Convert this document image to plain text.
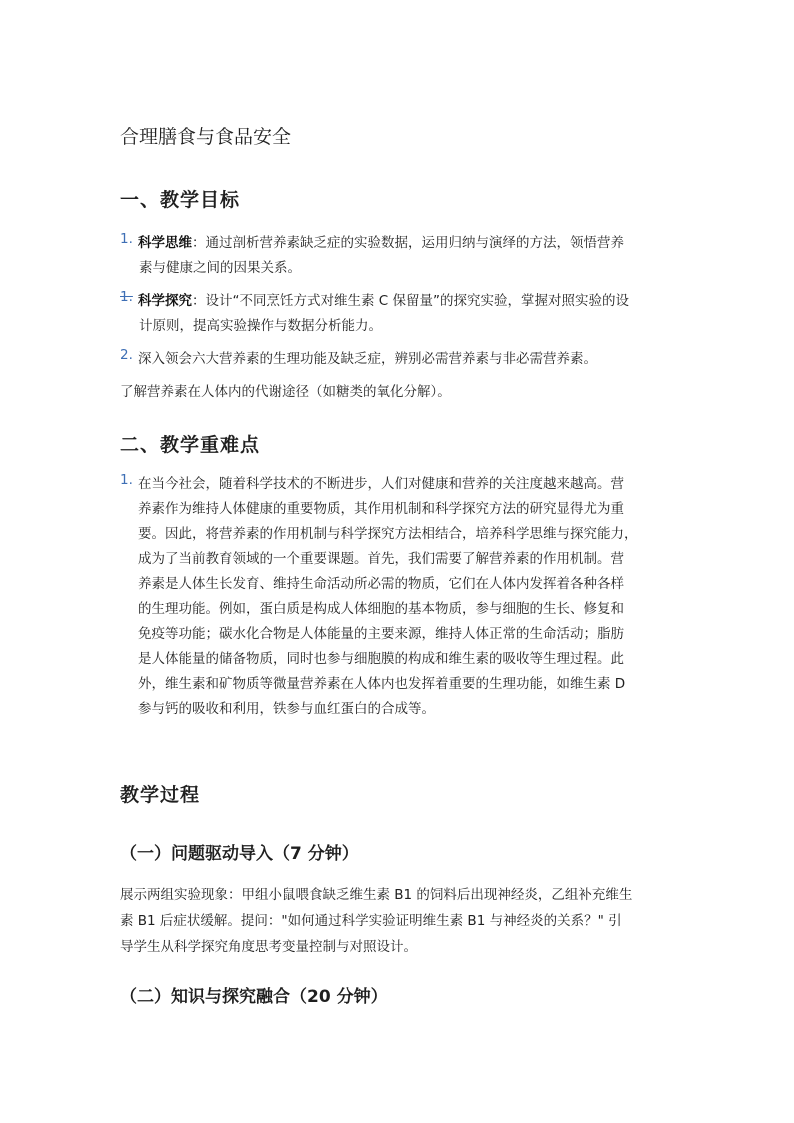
合理膳食与食品安全
一、教学目标
1. 科学思维：通过剖析营养素缺乏症的实验数据，运用归纳与演绎的方法，领悟营养
素与健康之间的因果关系。
1. 科学探究：设计“不同烹饪方式对维生素 C 保留量”的探究实验，掌握对照实验的设
计原则，提高实验操作与数据分析能力。
2. 深入领会六大营养素的生理功能及缺乏症，辨别必需营养素与非必需营养素。
了解营养素在人体内的代谢途径（如糖类的氧化分解）。
二、教学重难点
1. 在当今社会，随着科学技术的不断进步，人们对健康和营养的关注度越来越高。营
养素作为维持人体健康的重要物质，其作用机制和科学探究方法的研究显得尤为重
要。因此，将营养素的作用机制与科学探究方法相结合，培养科学思维与探究能力，
成为了当前教育领域的一个重要课题。首先，我们需要了解营养素的作用机制。营
养素是人体生长发育、维持生命活动所必需的物质，它们在人体内发挥着各种各样
的生理功能。例如，蛋白质是构成人体细胞的基本物质，参与细胞的生长、修复和
免疫等功能；碳水化合物是人体能量的主要来源，维持人体正常的生命活动；脂肪
是人体能量的储备物质，同时也参与细胞膜的构成和维生素的吸收等生理过程。此
外，维生素和矿物质等微量营养素在人体内也发挥着重要的生理功能，如维生素 D
参与钙的吸收和利用，铁参与血红蛋白的合成等。
教学过程
（一）问题驱动导入（7 分钟）
展示两组实验现象：甲组小鼠喂食缺乏维生素 B1 的饲料后出现神经炎，乙组补充维生
素 B1 后症状缓解。提问："如何通过科学实验证明维生素 B1 与神经炎的关系？" 引
导学生从科学探究角度思考变量控制与对照设计。
（二）知识与探究融合（20 分钟）
